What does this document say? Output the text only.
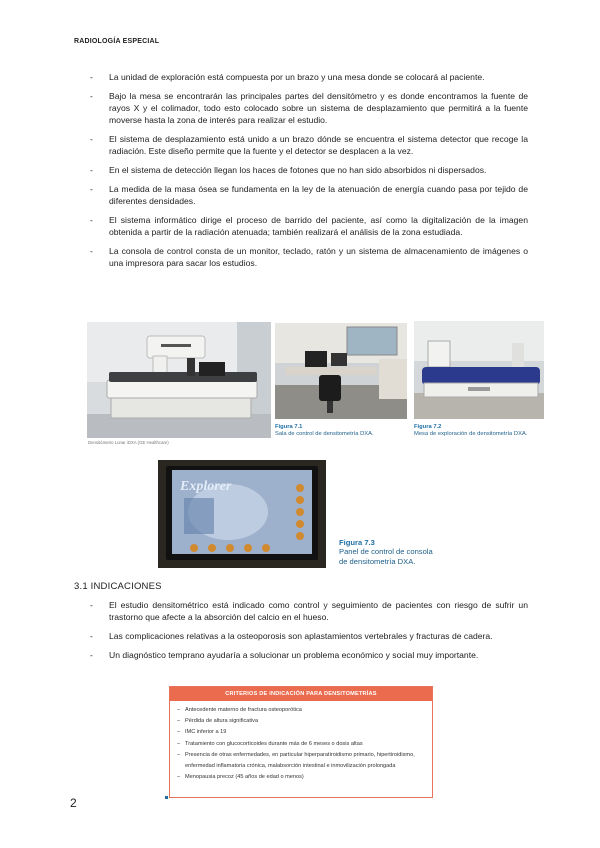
RADIOLOGÍA ESPECIAL
- La unidad de exploración está compuesta por un brazo y una mesa donde se colocará al paciente.
- Bajo la mesa se encontrarán las principales partes del densitómetro y es donde encontramos la fuente de rayos X y el colimador, todo esto colocado sobre un sistema de desplazamiento que permitirá a la fuente moverse hasta la zona de interés para realizar el estudio.
- El sistema de desplazamiento está unido a un brazo dónde se encuentra el sistema detector que recoge la radiación. Este diseño permite que la fuente y el detector se desplacen a la vez.
- En el sistema de detección llegan los haces de fotones que no han sido absorbidos ni dispersados.
- La medida de la masa ósea se fundamenta en la ley de la atenuación de energía cuando pasa por tejido de diferentes densidades.
- El sistema informático dirige el proceso de barrido del paciente, así como la digitalización de la imagen obtenida a partir de la radiación atenuada; también realizará el análisis de la zona estudiada.
- La consola de control consta de un monitor, teclado, ratón y un sistema de almacenamiento de imágenes o una impresora para sacar los estudios.
Densitómetro Lunar iDXA (GE Healthcare)
Figura 7.1
Sala de control de densitometría DXA.
Figura 7.2
Mesa de exploración de densitometría DXA.
Explorer
Figura 7.3
Panel de control de consola
de densitometría DXA.
3.1 INDICACIONES
- El estudio densitométrico está indicado como control y seguimiento de pacientes con riesgo de sufrir un trastorno que afecte a la absorción del calcio en el hueso.
- Las complicaciones relativas a la osteoporosis son aplastamientos vertebrales y fracturas de cadera.
- Un diagnóstico temprano ayudaría a solucionar un problema económico y social muy importante.
CRITERIOS DE INDICACIÓN PARA DENSITOMETRÍAS
– Antecedente materno de fractura osteoporótica
– Pérdida de altura significativa
– IMC inferior a 19
– Tratamiento con glucocorticoides durante más de 6 meses o dosis altas
– Presencia de otras enfermedades, en particular hiperparatiroidismo primario, hipertiroidismo, enfermedad inflamatoria crónica, malabsorción intestinal e inmovilización prolongada
– Menopausia precoz (45 años de edad o menos)
2
